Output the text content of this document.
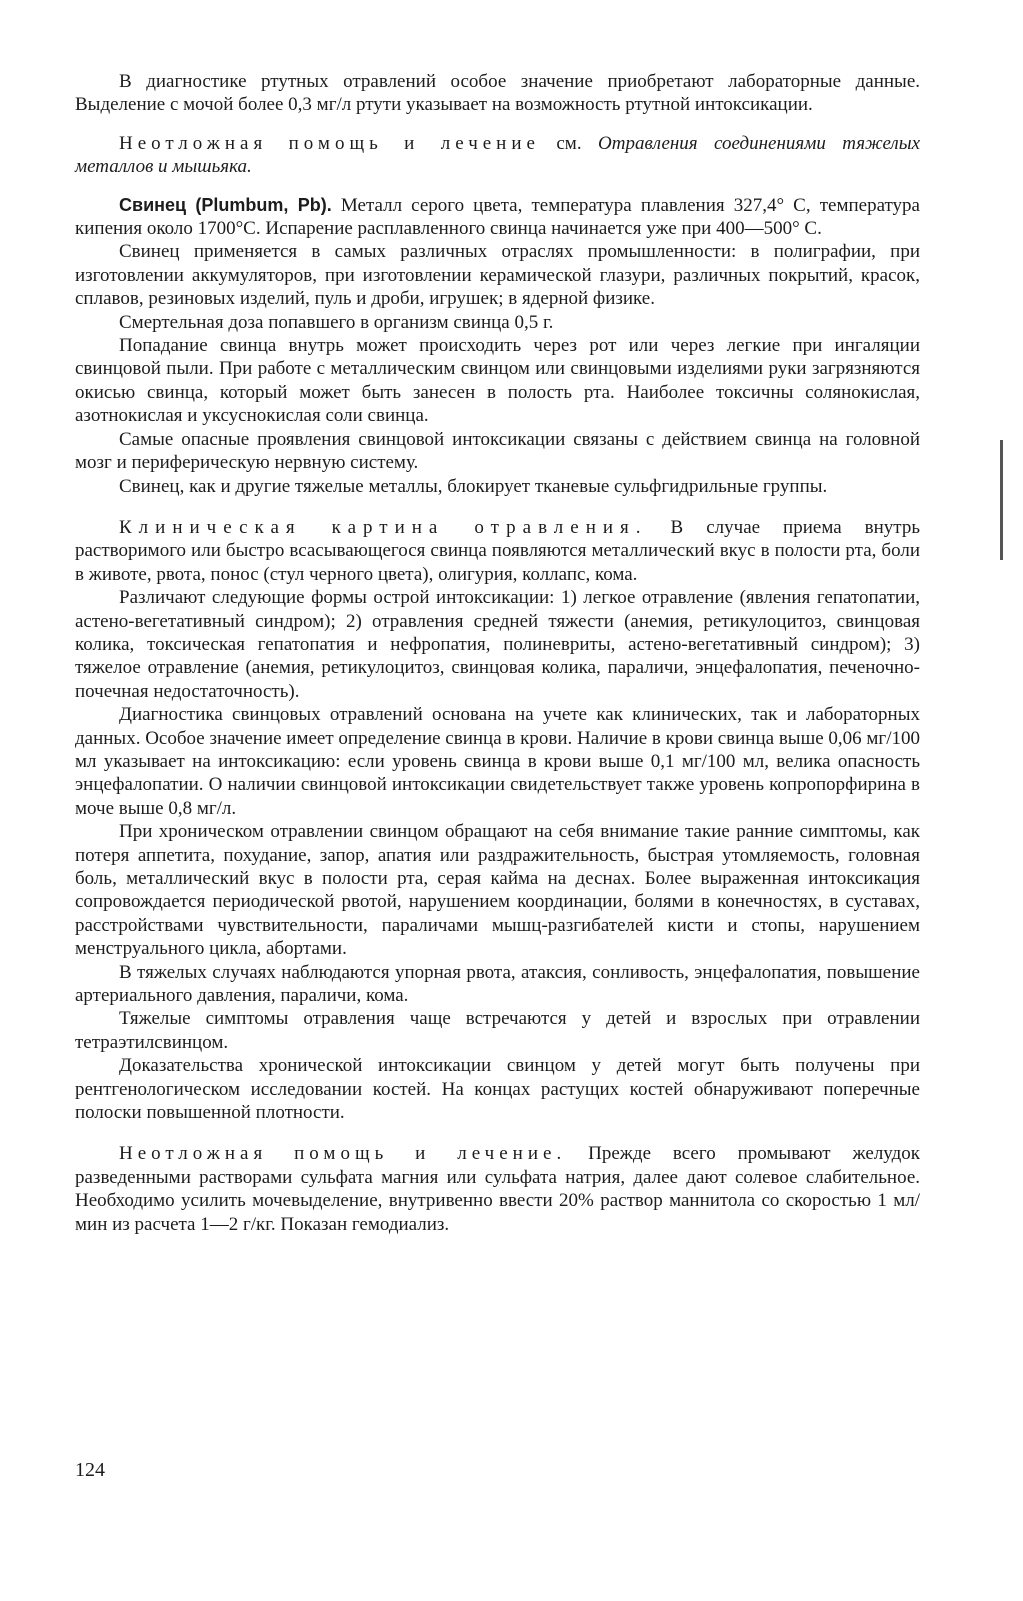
В диагностике ртутных отравлений особое значение приобретают лабораторные данные. Выделение с мочой более 0,3 мг/л ртути указывает на возможность ртутной интоксикации.

Неотложная помощь и лечение см. Отравления соединениями тяжелых металлов и мышьяка.

Свинец (Plumbum, Pb). Металл серого цвета, температура плавления 327,4° С, температура кипения около 1700°С. Испарение расплавленного свинца начинается уже при 400—500° С.

Свинец применяется в самых различных отраслях промышленности: в полиграфии, при изготовлении аккумуляторов, при изготовлении керамической глазури, различных покрытий, красок, сплавов, резиновых изделий, пуль и дроби, игрушек; в ядерной физике.

Смертельная доза попавшего в организм свинца 0,5 г.

Попадание свинца внутрь может происходить через рот или через легкие при ингаляции свинцовой пыли. При работе с металлическим свинцом или свинцовыми изделиями руки загрязняются окисью свинца, который может быть занесен в полость рта. Наиболее токсичны солянокислая, азотнокислая и уксуснокислая соли свинца.

Самые опасные проявления свинцовой интоксикации связаны с действием свинца на головной мозг и периферическую нервную систему.

Свинец, как и другие тяжелые металлы, блокирует тканевые сульфгидрильные группы.

Клиническая картина отравления. В случае приема внутрь растворимого или быстро всасывающегося свинца появляются металлический вкус в полости рта, боли в животе, рвота, понос (стул черного цвета), олигурия, коллапс, кома.

Различают следующие формы острой интоксикации: 1) легкое отравление (явления гепатопатии, астено-вегетативный синдром); 2) отравления средней тяжести (анемия, ретикулоцитоз, свинцовая колика, токсическая гепатопатия и нефропатия, полиневриты, астено-вегетативный синдром); 3) тяжелое отравление (анемия, ретикулоцитоз, свинцовая колика, параличи, энцефалопатия, печеночно-почечная недостаточность).

Диагностика свинцовых отравлений основана на учете как клинических, так и лабораторных данных. Особое значение имеет определение свинца в крови. Наличие в крови свинца выше 0,06 мг/100 мл указывает на интоксикацию: если уровень свинца в крови выше 0,1 мг/100 мл, велика опасность энцефалопатии. О наличии свинцовой интоксикации свидетельствует также уровень копропорфирина в моче выше 0,8 мг/л.

При хроническом отравлении свинцом обращают на себя внимание такие ранние симптомы, как потеря аппетита, похудание, запор, апатия или раздражительность, быстрая утомляемость, головная боль, металлический вкус в полости рта, серая кайма на деснах. Более выраженная интоксикация сопровождается периодической рвотой, нарушением координации, болями в конечностях, в суставах, расстройствами чувствительности, параличами мышц-разгибателей кисти и стопы, нарушением менструального цикла, абортами.

В тяжелых случаях наблюдаются упорная рвота, атаксия, сонливость, энцефалопатия, повышение артериального давления, параличи, кома.

Тяжелые симптомы отравления чаще встречаются у детей и взрослых при отравлении тетраэтилсвинцом.

Доказательства хронической интоксикации свинцом у детей могут быть получены при рентгенологическом исследовании костей. На концах растущих костей обнаруживают поперечные полоски повышенной плотности.

Неотложная помощь и лечение. Прежде всего промывают желудок разведенными растворами сульфата магния или сульфата натрия, далее дают солевое слабительное. Необходимо усилить мочевыделение, внутривенно ввести 20% раствор маннитола со скоростью 1 мл/мин из расчета 1—2 г/кг. Показан гемодиализ.

124
